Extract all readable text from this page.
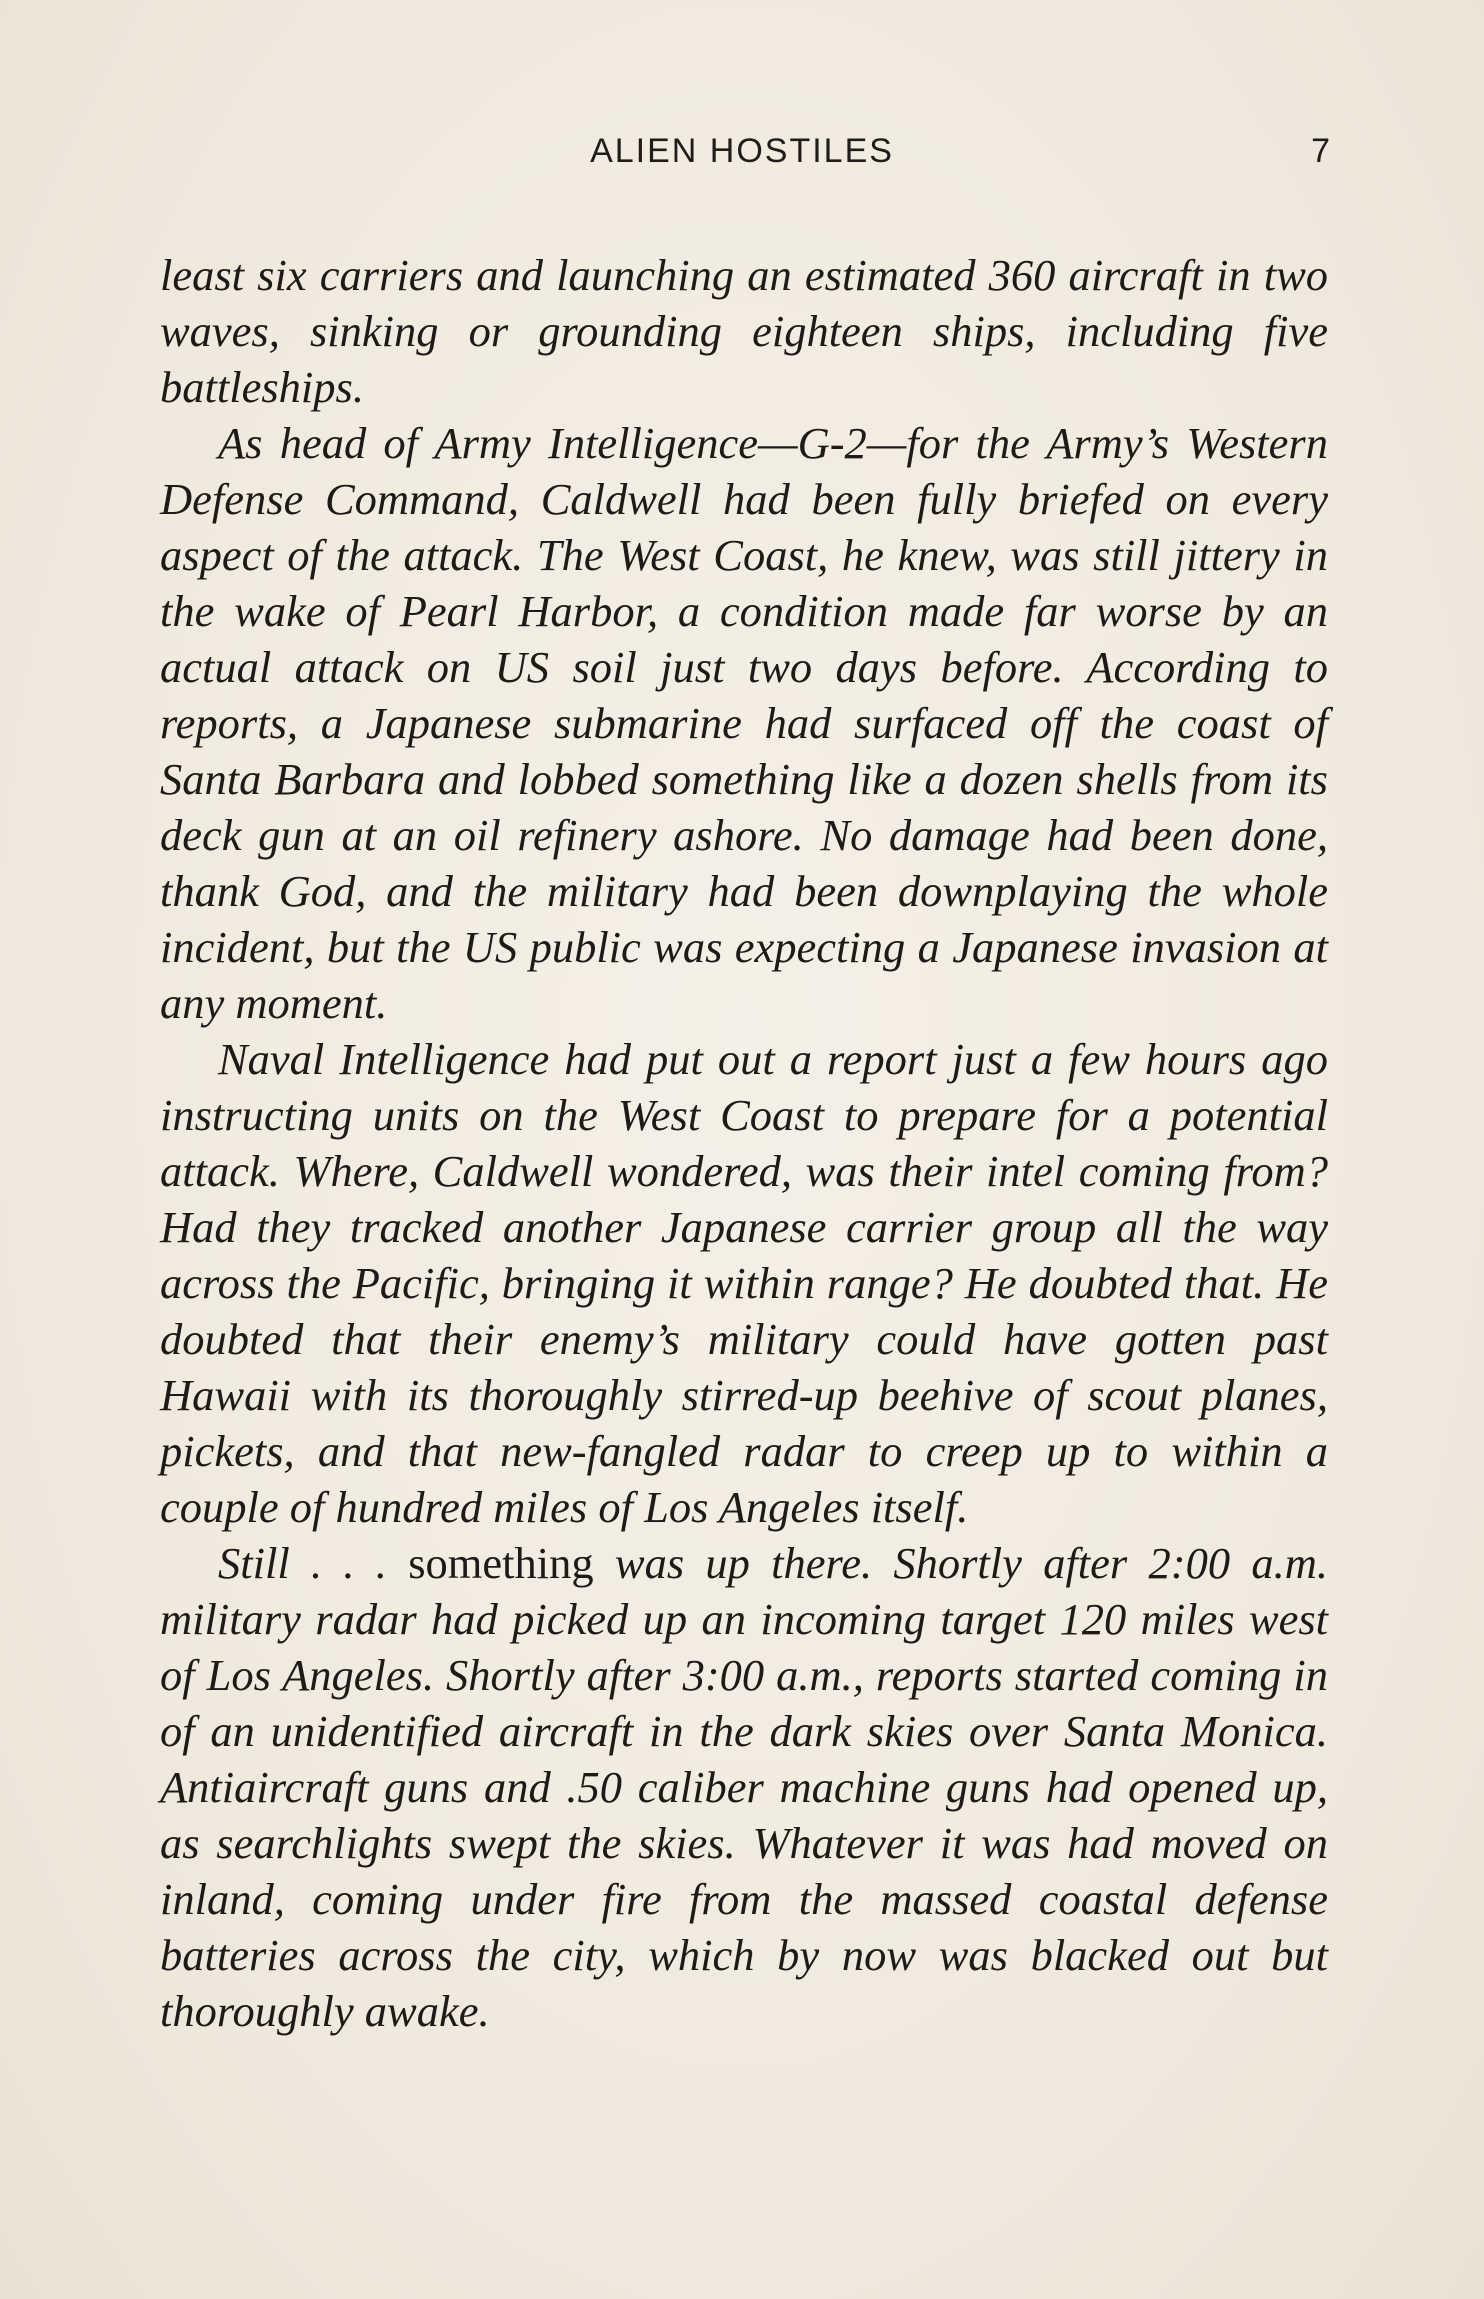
ALIEN HOSTILES	7

least six carriers and launching an estimated 360 aircraft in two waves, sinking or grounding eighteen ships, including five battleships.

As head of Army Intelligence—G-2—for the Army’s Western Defense Command, Caldwell had been fully briefed on every aspect of the attack. The West Coast, he knew, was still jittery in the wake of Pearl Harbor, a condition made far worse by an actual attack on US soil just two days before. According to reports, a Japanese submarine had surfaced off the coast of Santa Barbara and lobbed something like a dozen shells from its deck gun at an oil refinery ashore. No damage had been done, thank God, and the military had been downplaying the whole incident, but the US public was expecting a Japanese invasion at any moment.

Naval Intelligence had put out a report just a few hours ago instructing units on the West Coast to prepare for a potential attack. Where, Caldwell wondered, was their intel coming from? Had they tracked another Japanese carrier group all the way across the Pacific, bringing it within range? He doubted that. He doubted that their enemy’s military could have gotten past Hawaii with its thoroughly stirred-up beehive of scout planes, pickets, and that new-fangled radar to creep up to within a couple of hundred miles of Los Angeles itself.

Still . . . something was up there. Shortly after 2:00 a.m. military radar had picked up an incoming target 120 miles west of Los Angeles. Shortly after 3:00 a.m., reports started coming in of an unidentified aircraft in the dark skies over Santa Monica. Antiaircraft guns and .50 caliber machine guns had opened up, as searchlights swept the skies. Whatever it was had moved on inland, coming under fire from the massed coastal defense batteries across the city, which by now was blacked out but thoroughly awake.
